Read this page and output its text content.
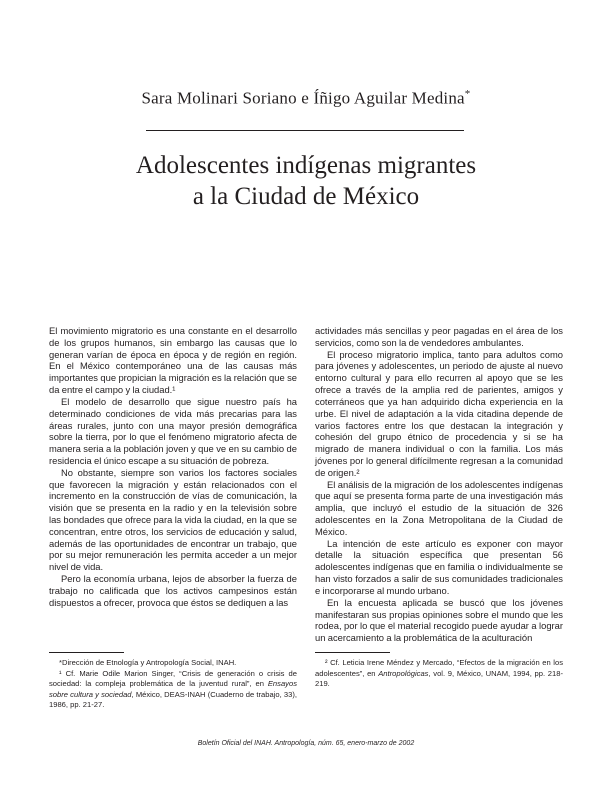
Sara Molinari Soriano e Íñigo Aguilar Medina*
Adolescentes indígenas migrantes
a la Ciudad de México

El movimiento migratorio es una constante en el desarrollo de los grupos humanos, sin embargo las causas que lo generan varían de época en época y de región en región. En el México contemporáneo una de las causas más importantes que propician la migración es la relación que se da entre el campo y la ciudad.¹

El modelo de desarrollo que sigue nuestro país ha determinado condiciones de vida más precarias para las áreas rurales, junto con una mayor presión demográfica sobre la tierra, por lo que el fenómeno migratorio afecta de manera seria a la población joven y que ve en su cambio de residencia el único escape a su situación de pobreza.

No obstante, siempre son varios los factores sociales que favorecen la migración y están relacionados con el incremento en la construcción de vías de comunicación, la visión que se presenta en la radio y en la televisión sobre las bondades que ofrece para la vida la ciudad, en la que se concentran, entre otros, los servicios de educación y salud, además de las oportunidades de encontrar un trabajo, que por su mejor remuneración les permita acceder a un mejor nivel de vida.

Pero la economía urbana, lejos de absorber la fuerza de trabajo no calificada que los activos campesinos están dispuestos a ofrecer, provoca que éstos se dediquen a las

actividades más sencillas y peor pagadas en el área de los servicios, como son la de vendedores ambulantes.

El proceso migratorio implica, tanto para adultos como para jóvenes y adolescentes, un periodo de ajuste al nuevo entorno cultural y para ello recurren al apoyo que se les ofrece a través de la amplia red de parientes, amigos y coterráneos que ya han adquirido dicha experiencia en la urbe. El nivel de adaptación a la vida citadina depende de varios factores entre los que destacan la integración y cohesión del grupo étnico de procedencia y si se ha migrado de manera individual o con la familia. Los más jóvenes por lo general difícilmente regresan a la comunidad de origen.²

El análisis de la migración de los adolescentes indígenas que aquí se presenta forma parte de una investigación más amplia, que incluyó el estudio de la situación de 326 adolescentes en la Zona Metropolitana de la Ciudad de México.

La intención de este artículo es exponer con mayor detalle la situación específica que presentan 56 adolescentes indígenas que en familia o individualmente se han visto forzados a salir de sus comunidades tradicionales e incorporarse al mundo urbano.

En la encuesta aplicada se buscó que los jóvenes manifestaran sus propias opiniones sobre el mundo que les rodea, por lo que el material recogido puede ayudar a lograr un acercamiento a la problemática de la aculturación

*Dirección de Etnología y Antropología Social, INAH.

¹ Cf. Marie Odile Marion Singer, “Crisis de generación o crisis de sociedad: la compleja problemática de la juventud rural”, en Ensayos sobre cultura y sociedad, México, DEAS-INAH (Cuaderno de trabajo, 33), 1986, pp. 21-27.

² Cf. Leticia Irene Méndez y Mercado, “Efectos de la migración en los adolescentes”, en Antropológicas, vol. 9, México, UNAM, 1994, pp. 218-219.

Boletín Oficial del INAH. Antropología, núm. 65, enero-marzo de 2002
